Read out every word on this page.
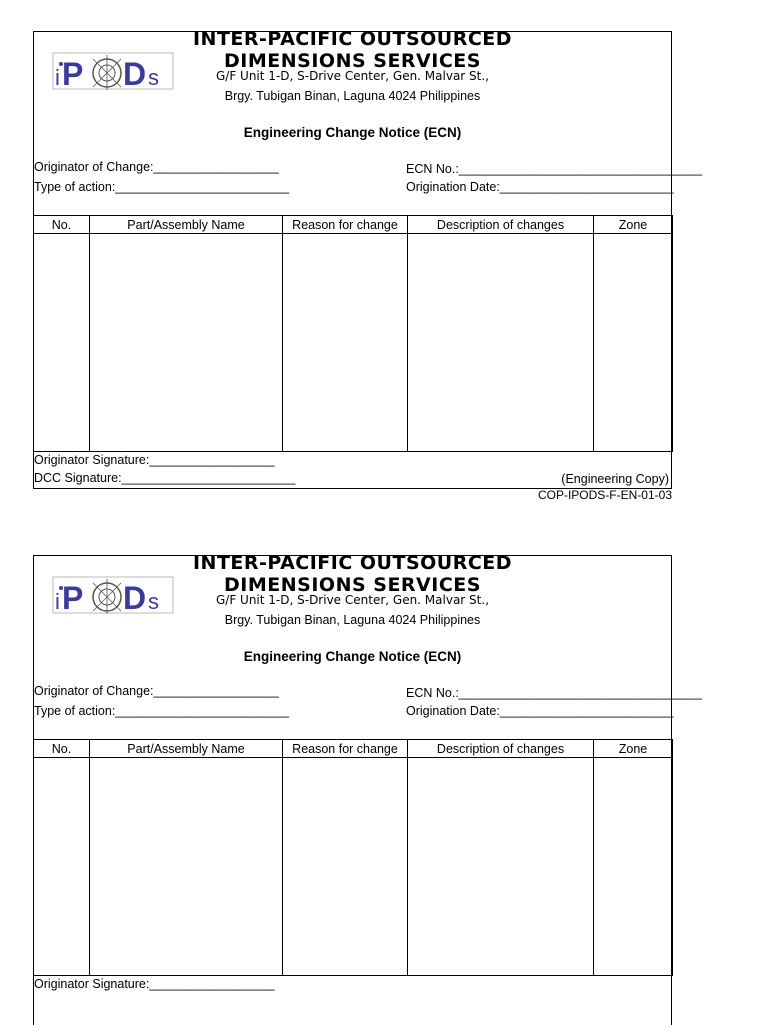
i P D s
INTER-PACIFIC OUTSOURCED
DIMENSIONS SERVICES
G/F Unit 1-D, S-Drive Center, Gen. Malvar St.,
Brgy. Tubigan Binan, Laguna 4024 Philippines
Engineering Change Notice (ECN)
Originator of Change:__________________	ECN No.:___________________________________
Type of action:_________________________	Origination Date:_________________________
No.	Part/Assembly Name	Reason for change	Description of changes	Zone

Originator Signature:__________________
DCC Signature:_________________________	(Engineering Copy)
COP-IPODS-F-EN-01-03
i P D s
INTER-PACIFIC OUTSOURCED
DIMENSIONS SERVICES
G/F Unit 1-D, S-Drive Center, Gen. Malvar St.,
Brgy. Tubigan Binan, Laguna 4024 Philippines
Engineering Change Notice (ECN)
Originator of Change:__________________	ECN No.:___________________________________
Type of action:_________________________	Origination Date:_________________________
No.	Part/Assembly Name	Reason for change	Description of changes	Zone

Originator Signature:__________________
